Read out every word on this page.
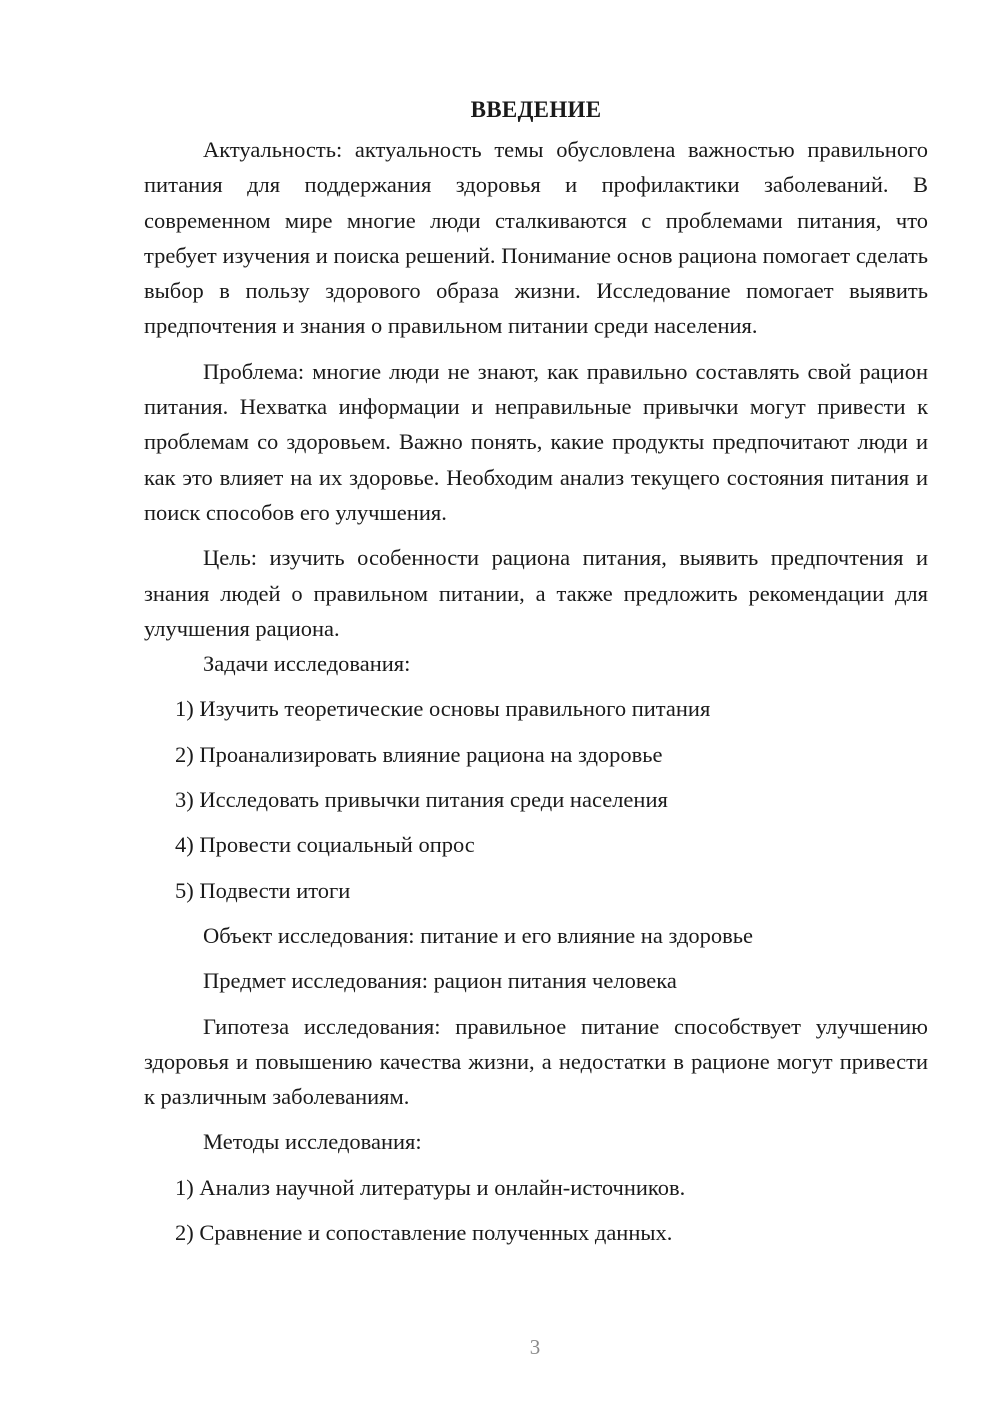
ВВЕДЕНИЕ

Актуальность: актуальность темы обусловлена важностью правильного питания для поддержания здоровья и профилактики заболеваний. В современном мире многие люди сталкиваются с проблемами питания, что требует изучения и поиска решений. Понимание основ рациона помогает сделать выбор в пользу здорового образа жизни. Исследование помогает выявить предпочтения и знания о правильном питании среди населения.

Проблема: многие люди не знают, как правильно составлять свой рацион питания. Нехватка информации и неправильные привычки могут привести к проблемам со здоровьем. Важно понять, какие продукты предпочитают люди и как это влияет на их здоровье. Необходим анализ текущего состояния питания и поиск способов его улучшения.

Цель: изучить особенности рациона питания, выявить предпочтения и знания людей о правильном питании, а также предложить рекомендации для улучшения рациона.

Задачи исследования:

1) Изучить теоретические основы правильного питания

2) Проанализировать влияние рациона на здоровье

3) Исследовать привычки питания среди населения

4) Провести социальный опрос

5) Подвести итоги

Объект исследования: питание и его влияние на здоровье

Предмет исследования: рацион питания человека

Гипотеза исследования: правильное питание способствует улучшению здоровья и повышению качества жизни, а недостатки в рационе могут привести к различным заболеваниям.

Методы исследования:

1) Анализ научной литературы и онлайн-источников.

2) Сравнение и сопоставление полученных данных.

3
